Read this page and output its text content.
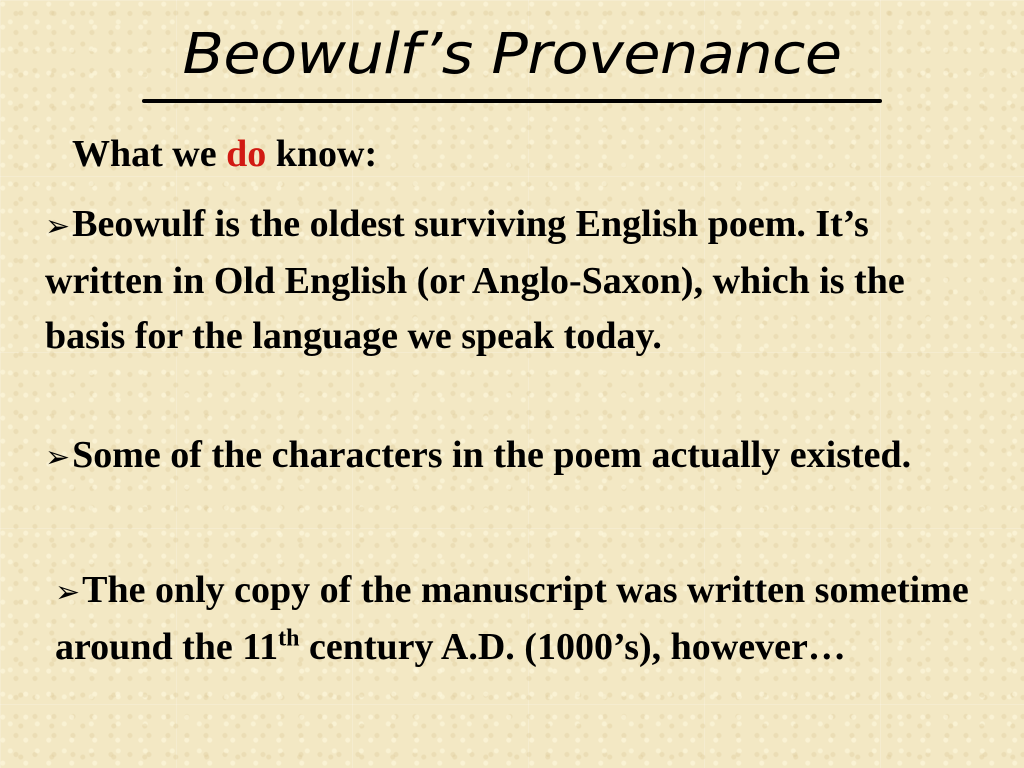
Beowulf’s Provenance
What we do know:
➢Beowulf is the oldest surviving English poem. It’s written in Old English (or Anglo-Saxon), which is the basis for the language we speak today.
➢Some of the characters in the poem actually existed.
➢The only copy of the manuscript was written sometime around the 11th century A.D. (1000’s), however…
